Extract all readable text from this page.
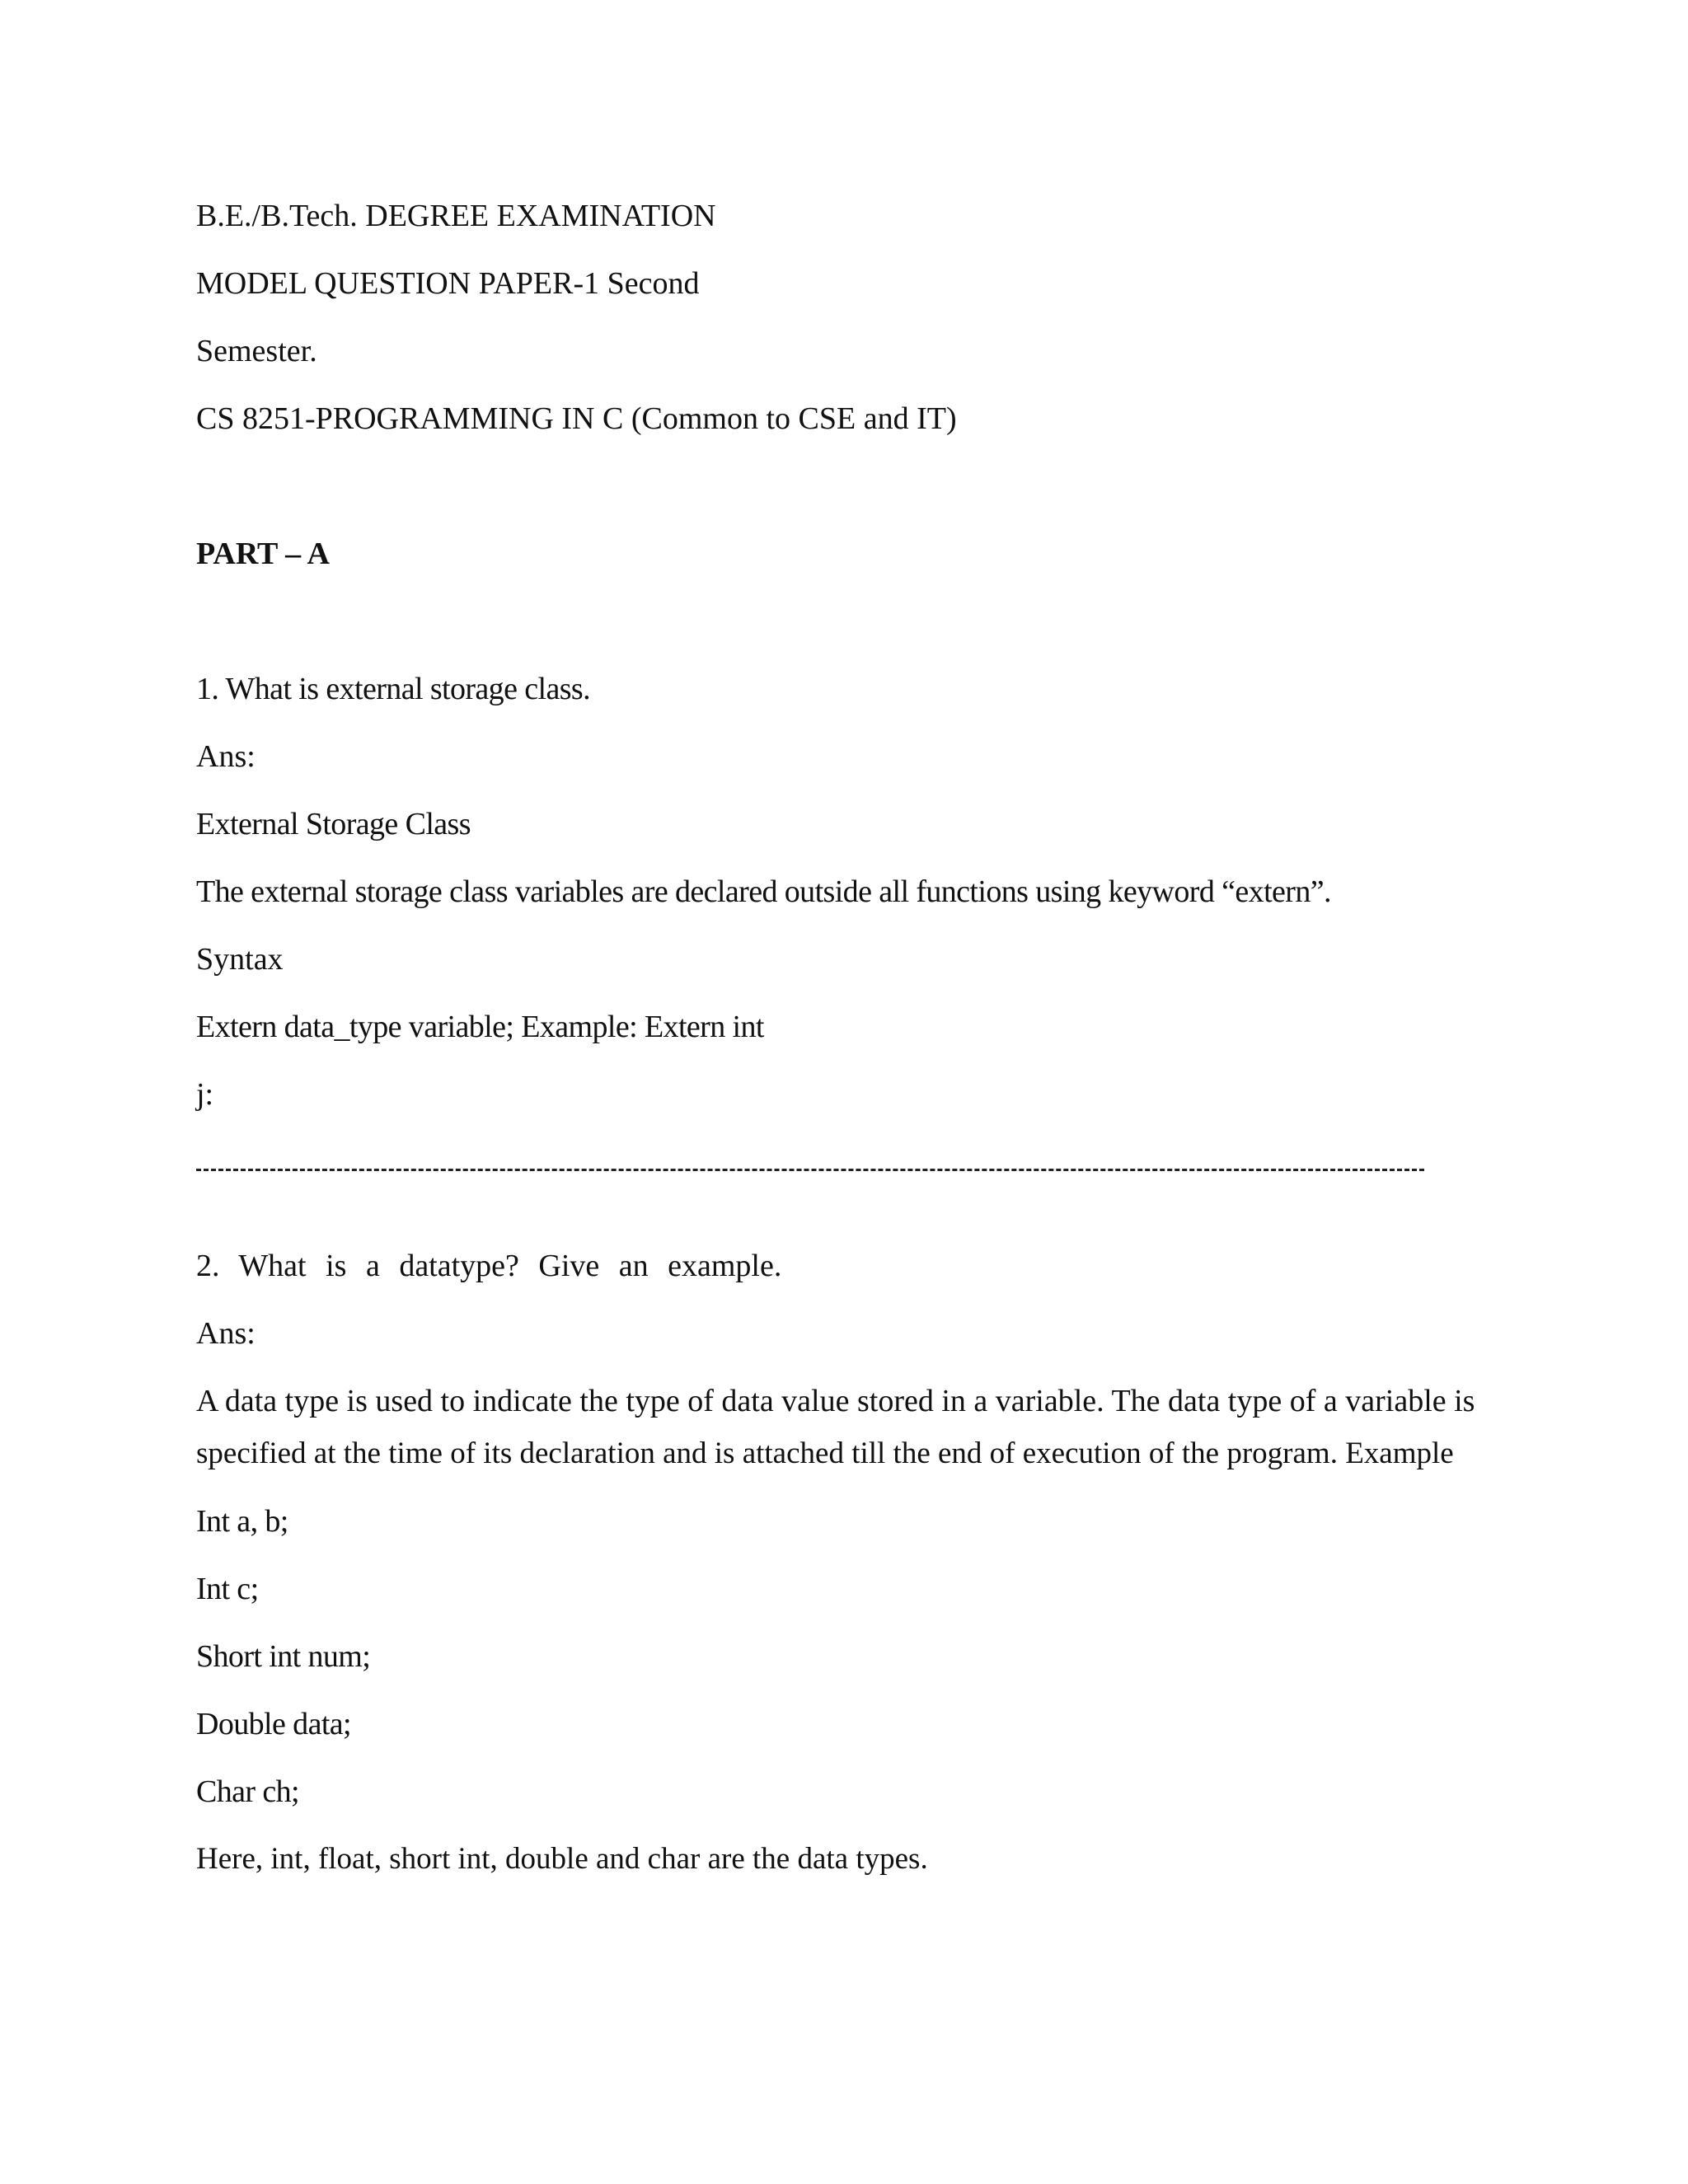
B.E./B.Tech. DEGREE EXAMINATION

MODEL QUESTION PAPER-1 Second

Semester.

CS 8251-PROGRAMMING IN C (Common to CSE and IT)

PART – A

1. What is external storage class.

Ans:

External Storage Class

The external storage class variables are declared outside all functions using keyword “extern”.

Syntax

Extern data_type variable; Example: Extern int

j:

2. What is a datatype? Give an example.

Ans:

A data type is used to indicate the type of data value stored in a variable. The data type of a variable is

specified at the time of its declaration and is attached till the end of execution of the program. Example

Int a, b;

Int c;

Short int num;

Double data;

Char ch;

Here, int, float, short int, double and char are the data types.
